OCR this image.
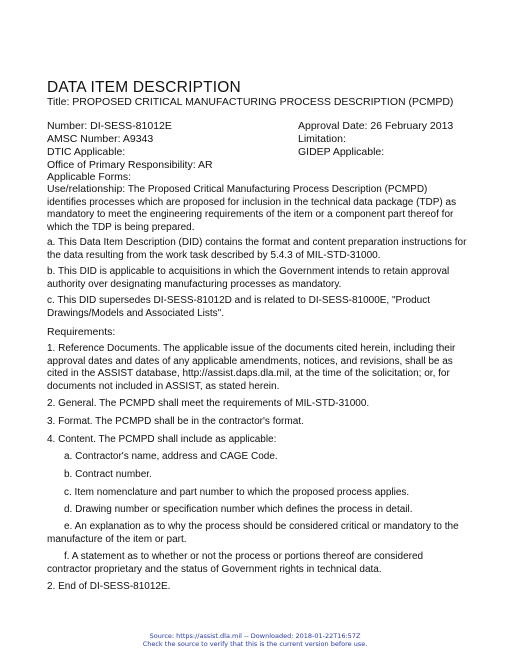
DATA ITEM DESCRIPTION
Title: PROPOSED CRITICAL MANUFACTURING PROCESS DESCRIPTION (PCMPD)
Number: DI-SESS-81012E
AMSC Number: A9343
DTIC Applicable:
Office of Primary Responsibility: AR
Applicable Forms:
Approval Date: 26 February 2013
Limitation:
GIDEP Applicable:
Use/relationship: The Proposed Critical Manufacturing Process Description (PCMPD) identifies processes which are proposed for inclusion in the technical data package (TDP) as mandatory to meet the engineering requirements of the item or a component part thereof for which the TDP is being prepared.
a. This Data Item Description (DID) contains the format and content preparation instructions for the data resulting from the work task described by 5.4.3 of MIL-STD-31000.
b. This DID is applicable to acquisitions in which the Government intends to retain approval authority over designating manufacturing processes as mandatory.
c. This DID supersedes DI-SESS-81012D and is related to DI-SESS-81000E, "Product Drawings/Models and Associated Lists".
Requirements:
1. Reference Documents. The applicable issue of the documents cited herein, including their approval dates and dates of any applicable amendments, notices, and revisions, shall be as cited in the ASSIST database, http://assist.daps.dla.mil, at the time of the solicitation; or, for documents not included in ASSIST, as stated herein.
2. General. The PCMPD shall meet the requirements of MIL-STD-31000.
3. Format. The PCMPD shall be in the contractor's format.
4. Content. The PCMPD shall include as applicable:
a. Contractor's name, address and CAGE Code.
b. Contract number.
c. Item nomenclature and part number to which the proposed process applies.
d. Drawing number or specification number which defines the process in detail.
e. An explanation as to why the process should be considered critical or mandatory to the manufacture of the item or part.
f. A statement as to whether or not the process or portions thereof are considered contractor proprietary and the status of Government rights in technical data.
2. End of DI-SESS-81012E.
Source: https://assist.dla.mil -- Downloaded: 2018-01-22T16:57Z
Check the source to verify that this is the current version before use.
